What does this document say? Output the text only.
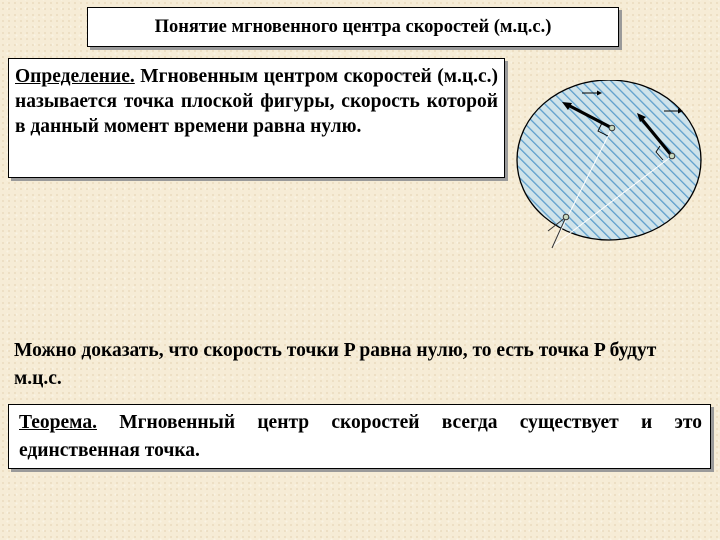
Понятие мгновенного центра скоростей (м.ц.с.)
Определение. Мгновенным центром скоростей (м.ц.с.) называется точка плоской фигуры, скорость которой в данный момент времени равна нулю.
Можно доказать, что скорость точки P равна нулю, то есть точка P будут м.ц.с.
Теорема. Мгновенный центр скоростей всегда существует и это единственная точка.
